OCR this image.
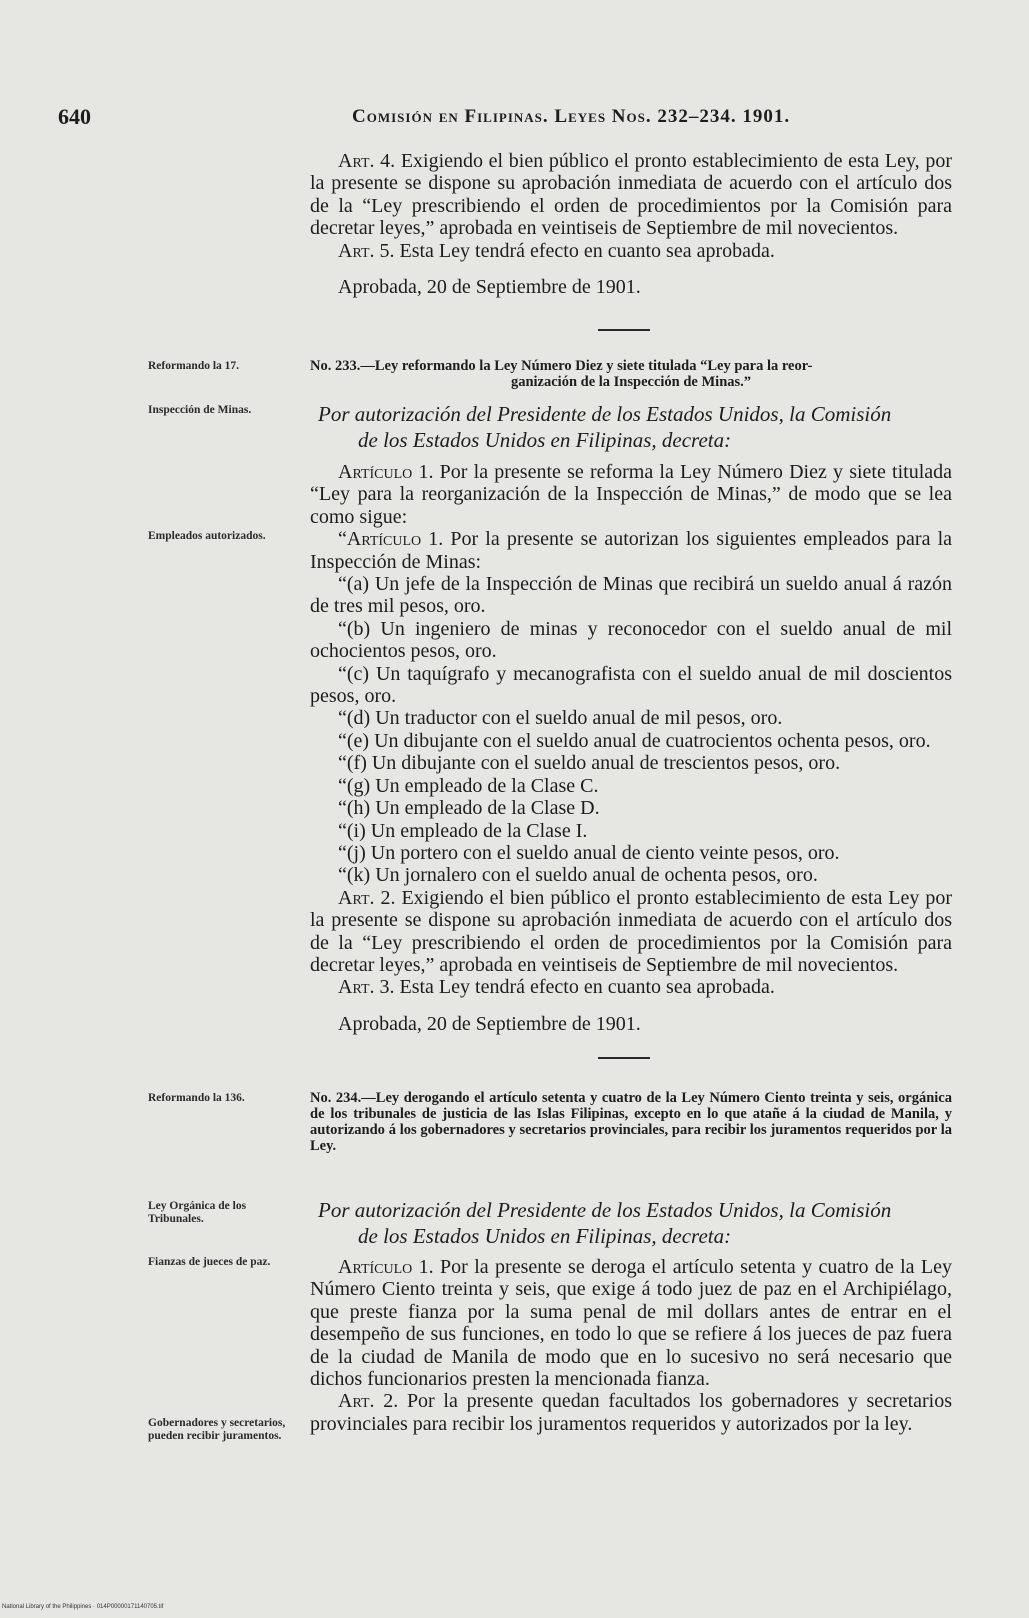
640	Comisión en Filipinas. Leyes Nos. 232–234. 1901.

Art. 4. Exigiendo el bien público el pronto establecimiento de esta Ley, por la presente se dispone su aprobación inmediata de acuerdo con el artículo dos de la “Ley prescribiendo el orden de procedimientos por la Comisión para decretar leyes,” aprobada en veintiseis de Septiembre de mil novecientos.

Art. 5. Esta Ley tendrá efecto en cuanto sea aprobada.

Aprobada, 20 de Septiembre de 1901.
Reformando la 17.	No. 233.—Ley reformando la Ley Número Diez y siete titulada “Ley para la reor-
ganización de la Inspección de Minas.”
Inspección de Minas.	Por autorización del Presidente de los Estados Unidos, la Comisión
de los Estados Unidos en Filipinas, decreta:
Empleados autorizados.

Artículo 1. Por la presente se reforma la Ley Número Diez y siete titulada “Ley para la reorganización de la Inspección de Minas,” de modo que se lea como sigue:

“Artículo 1. Por la presente se autorizan los siguientes empleados para la Inspección de Minas:

“(a) Un jefe de la Inspección de Minas que recibirá un sueldo anual á razón de tres mil pesos, oro.

“(b) Un ingeniero de minas y reconocedor con el sueldo anual de mil ochocientos pesos, oro.

“(c) Un taquígrafo y mecanografista con el sueldo anual de mil doscientos pesos, oro.

“(d) Un traductor con el sueldo anual de mil pesos, oro.

“(e) Un dibujante con el sueldo anual de cuatrocientos ochenta pesos, oro.

“(f) Un dibujante con el sueldo anual de trescientos pesos, oro.

“(g) Un empleado de la Clase C.

“(h) Un empleado de la Clase D.

“(i) Un empleado de la Clase I.

“(j) Un portero con el sueldo anual de ciento veinte pesos, oro.

“(k) Un jornalero con el sueldo anual de ochenta pesos, oro.

Art. 2. Exigiendo el bien público el pronto establecimiento de esta Ley por la presente se dispone su aprobación inmediata de acuerdo con el artículo dos de la “Ley prescribiendo el orden de procedimientos por la Comisión para decretar leyes,” aprobada en veintiseis de Septiembre de mil novecientos.

Art. 3. Esta Ley tendrá efecto en cuanto sea aprobada.

Aprobada, 20 de Septiembre de 1901.
Reformando la 136.	No. 234.—Ley derogando el artículo setenta y cuatro de la Ley Número Ciento treinta y seis, orgánica de los tribunales de justicia de las Islas Filipinas, excepto en lo que atañe á la ciudad de Manila, y autorizando á los gobernadores y secretarios provinciales, para recibir los juramentos requeridos por la Ley.
Ley Orgánica de los Tribunales.	Por autorización del Presidente de los Estados Unidos, la Comisión
de los Estados Unidos en Filipinas, decreta:
Fianzas de jueces de paz.
Gobernadores y secretarios, pueden recibir juramentos.

Artículo 1. Por la presente se deroga el artículo setenta y cuatro de la Ley Número Ciento treinta y seis, que exige á todo juez de paz en el Archipiélago, que preste fianza por la suma penal de mil dollars antes de entrar en el desempeño de sus funciones, en todo lo que se refiere á los jueces de paz fuera de la ciudad de Manila de modo que en lo sucesivo no será necesario que dichos funcionarios presten la mencionada fianza.

Art. 2. Por la presente quedan facultados los gobernadores y secretarios provinciales para recibir los juramentos requeridos y autorizados por la ley.

National Library of the Philippines · 014P00000171140705.tif
